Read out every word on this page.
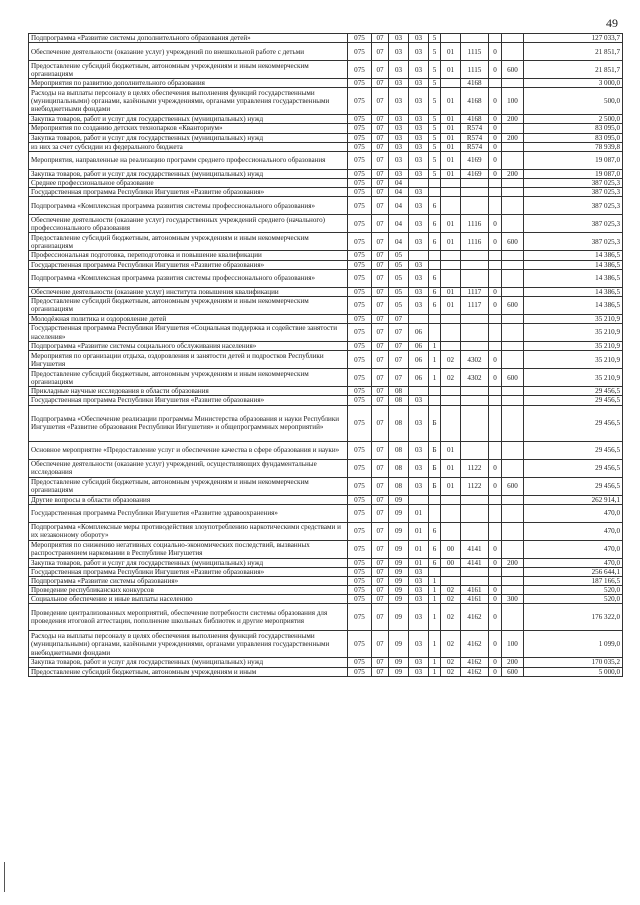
49
Подпрограмма «Развитие системы дополнительного образования детей»	075	07	03	03	5					127 033,7
Обеспечение деятельности (оказание услуг) учреждений по внешкольной работе с детьми	075	07	03	03	5	01	1115	0		21 851,7
Предоставление субсидий бюджетным, автономным учреждениям и иным некоммерческим организациям	075	07	03	03	5	01	1115	0	600	21 851,7
Мероприятия по развитию дополнительного образования	075	07	03	03	5		4168			3 000,0
Расходы на выплаты персоналу в целях обеспечения выполнения функций государственными (муниципальными) органами, казёнными учреждениями, органами управления государственными внебюджетными фондами	075	07	03	03	5	01	4168	0	100	500,0
Закупка товаров, работ и услуг для государственных (муниципальных) нужд	075	07	03	03	5	01	4168	0	200	2 500,0
Мероприятия по созданию детских технопарков «Кванториум»	075	07	03	03	5	01	R574	0		83 095,0
Закупка товаров, работ и услуг для государственных (муниципальных) нужд	075	07	03	03	5	01	R574	0	200	83 095,0
из них за счет субсидии из федерального бюджета	075	07	03	03	5	01	R574	0		78 939,8
Мероприятия, направленные на реализацию программ среднего профессионального образования	075	07	03	03	5	01	4169	0		19 087,0
Закупка товаров, работ и услуг для государственных (муниципальных) нужд	075	07	03	03	5	01	4169	0	200	19 087,0
Среднее профессиональное образование	075	07	04							387 025,3
Государственная программа Республики Ингушетия «Развитие образования»	075	07	04	03						387 025,3
Подпрограмма «Комплексная программа развития системы профессионального образования»	075	07	04	03	6					387 025,3
Обеспечение деятельности (оказание услуг) государственных учреждений среднего (начального) профессионального образования	075	07	04	03	6	01	1116	0		387 025,3
Предоставление субсидий бюджетным, автономным учреждениям и иным некоммерческим организациям	075	07	04	03	6	01	1116	0	600	387 025,3
Профессиональная подготовка, переподготовка и повышение квалификации	075	07	05							14 386,5
Государственная программа Республики Ингушетия «Развитие образования»	075	07	05	03						14 386,5
Подпрограмма «Комплексная программа развития системы профессионального образования»	075	07	05	03	6					14 386,5
Обеспечение деятельности (оказание услуг) института повышения квалификации	075	07	05	03	6	01	1117	0		14 386,5
Предоставление субсидий бюджетным, автономным учреждениям и иным некоммерческим организациям	075	07	05	03	6	01	1117	0	600	14 386,5
Молодёжная политика и оздоровление детей	075	07	07							35 210,9
Государственная программа Республики Ингушетия «Социальная поддержка и содействие занятости населения»	075	07	07	06						35 210,9
Подпрограмма «Развитие системы социального обслуживания населения»	075	07	07	06	1					35 210,9
Мероприятия по организации отдыха, оздоровления и занятости детей и подростков Республики Ингушетия	075	07	07	06	1	02	4302	0		35 210,9
Предоставление субсидий бюджетным, автономным учреждениям и иным некоммерческим организациям	075	07	07	06	1	02	4302	0	600	35 210,9
Прикладные научные исследования в области образования	075	07	08							29 456,5
Государственная программа Республики Ингушетия «Развитие образования»	075	07	08	03						29 456,5
Подпрограмма «Обеспечение реализации программы Министерства образования и науки Республики Ингушетия «Развитие образования Республики Ингушетия» и общепрограммных мероприятий»	075	07	08	03	Б					29 456,5
Основное мероприятие «Предоставление услуг и обеспечение качества в сфере образования и науки»	075	07	08	03	Б	01				29 456,5
Обеспечение деятельности (оказание услуг) учреждений, осуществляющих фундаментальные исследования	075	07	08	03	Б	01	1122	0		29 456,5
Предоставление субсидий бюджетным, автономным учреждениям и иным некоммерческим организациям	075	07	08	03	Б	01	1122	0	600	29 456,5
Другие вопросы в области образования	075	07	09							262 914,1
Государственная программа Республики Ингушетия «Развитие здравоохранения»	075	07	09	01						470,0
Подпрограмма «Комплексные меры противодействия злоупотреблению наркотическими средствами и их незаконному обороту»	075	07	09	01	6					470,0
Мероприятия по снижению негативных социально-экономических последствий, вызванных распространением наркомании в Республике Ингушетия	075	07	09	01	6	00	4141	0		470,0
Закупка товаров, работ и услуг для государственных (муниципальных) нужд	075	07	09	01	6	00	4141	0	200	470,0
Государственная программа Республики Ингушетия «Развитие образования»	075	07	09	03						256 644,1
Подпрограмма «Развитие системы образования»	075	07	09	03	1					187 166,5
Проведение республиканских конкурсов	075	07	09	03	1	02	4161	0		520,0
Социальное обеспечение и иные выплаты населению	075	07	09	03	1	02	4161	0	300	520,0
Проведение централизованных мероприятий, обеспечение потребности системы образования для проведения итоговой аттестации, пополнение школьных библиотек и другие мероприятия	075	07	09	03	1	02	4162	0		176 322,0
Расходы на выплаты персоналу в целях обеспечения выполнения функций государственными (муниципальными) органами, казёнными учреждениями, органами управления государственными внебюджетными фондами	075	07	09	03	1	02	4162	0	100	1 099,0
Закупка товаров, работ и услуг для государственных (муниципальных) нужд	075	07	09	03	1	02	4162	0	200	170 035,2
Предоставление субсидий бюджетным, автономным учреждениям и иным	075	07	09	03	1	02	4162	0	600	5 000,0
